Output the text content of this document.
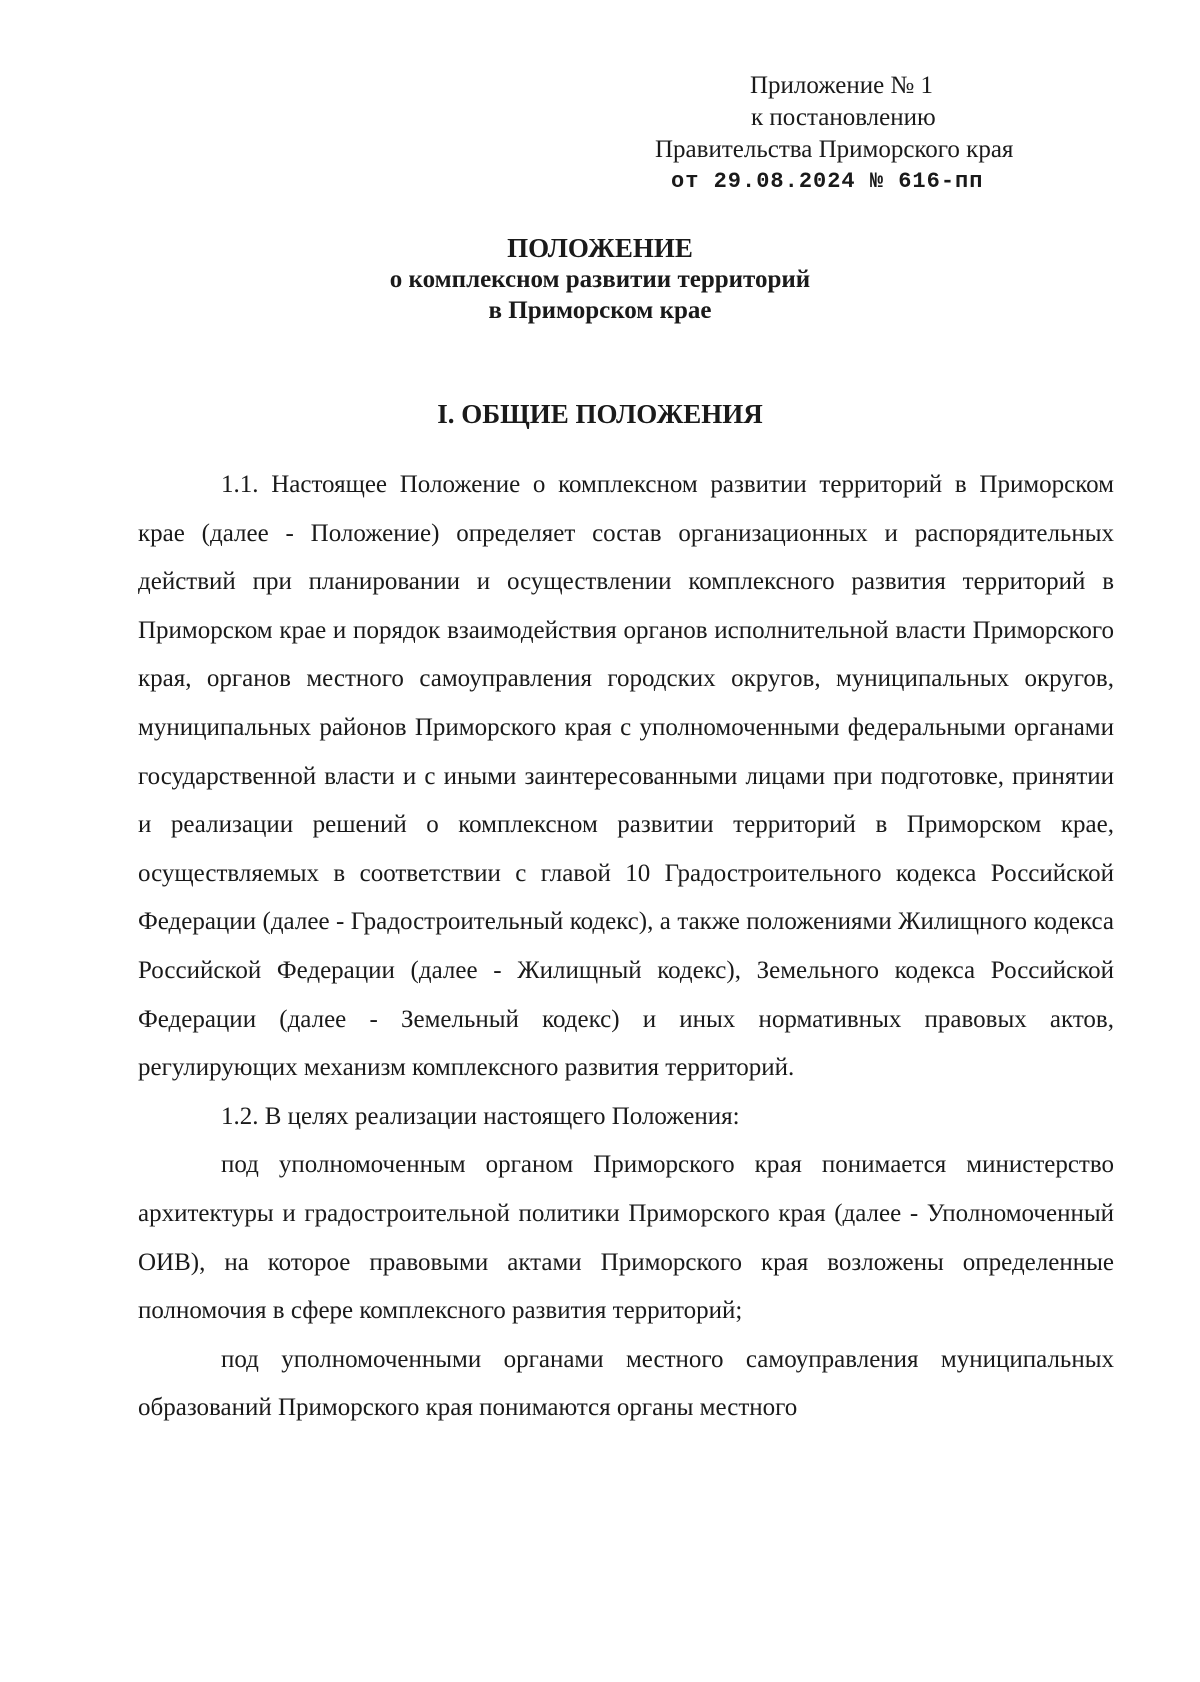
Приложение № 1
к постановлению
Правительства Приморского края
от 29.08.2024 № 616-пп
ПОЛОЖЕНИЕ
о комплексном развитии территорий
в Приморском крае
I. ОБЩИЕ ПОЛОЖЕНИЯ

1.1. Настоящее Положение о комплексном развитии территорий в Приморском крае (далее - Положение) определяет состав организационных и распорядительных действий при планировании и осуществлении комплексного развития территорий в Приморском крае и порядок взаимодействия органов исполнительной власти Приморского края, органов местного самоуправления городских округов, муниципальных округов, муниципальных районов Приморского края с уполномоченными федеральными органами государственной власти и с иными заинтересованными лицами при подготовке, принятии и реализации решений о комплексном развитии территорий в Приморском крае, осуществляемых в соответствии с главой 10 Градостроительного кодекса Российской Федерации (далее - Градостроительный кодекс), а также положениями Жилищного кодекса Российской Федерации (далее - Жилищный кодекс), Земельного кодекса Российской Федерации (далее - Земельный кодекс) и иных нормативных правовых актов, регулирующих механизм комплексного развития территорий.

1.2. В целях реализации настоящего Положения:

под уполномоченным органом Приморского края понимается министерство архитектуры и градостроительной политики Приморского края (далее - Уполномоченный ОИВ), на которое правовыми актами Приморского края возложены определенные полномочия в сфере комплексного развития территорий;

под уполномоченными органами местного самоуправления муниципальных образований Приморского края понимаются органы местного
